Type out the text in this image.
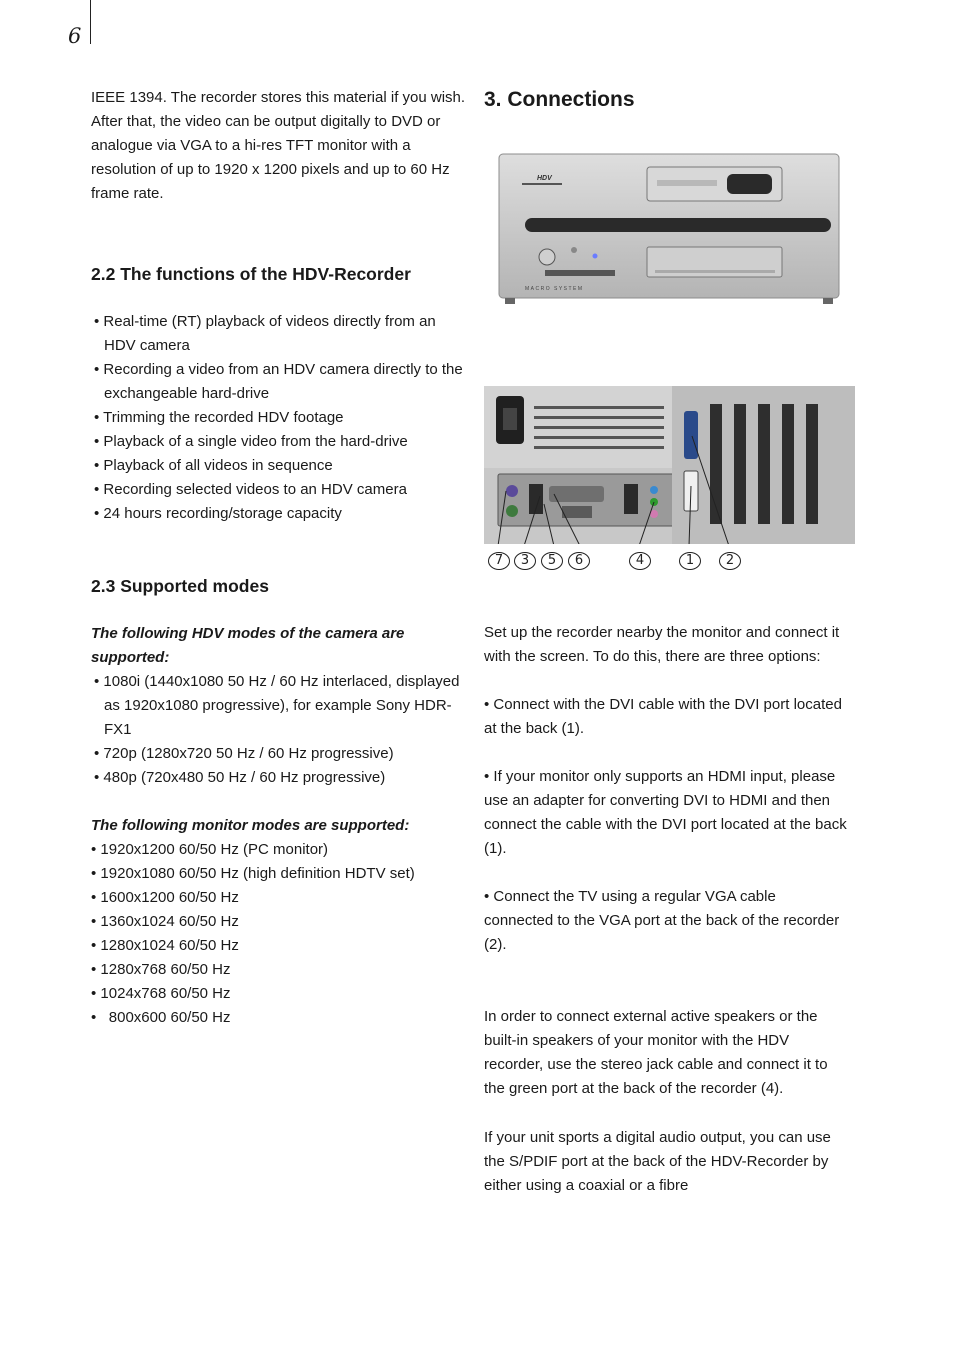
6

IEEE 1394. The recorder stores this material if you wish. After that, the video can be output digitally to DVD or analogue via VGA to a hi-res TFT monitor with a resolution of up to 1920 x 1200 pixels and up to 60 Hz frame rate.

2.2 The functions of the HDV-Recorder

• Real-time (RT) playback of videos directly from an HDV camera

• Recording a video from an HDV camera directly to the exchangeable hard-drive

• Trimming the recorded HDV footage

• Playback of a single video from the hard-drive

• Playback of all videos in sequence

• Recording selected videos to an HDV camera

• 24 hours recording/storage capacity

2.3 Supported modes

The following HDV modes of the camera are supported:

• 1080i (1440x1080 50 Hz / 60 Hz interlaced, displayed as 1920x1080 progressive), for example Sony HDR-FX1

• 720p (1280x720 50 Hz / 60 Hz progressive)

• 480p (720x480 50 Hz / 60 Hz progressive)

The following monitor modes are supported:

• 1920x1200 60/50 Hz (PC monitor)

• 1920x1080 60/50 Hz (high definition HDTV set)

• 1600x1200 60/50 Hz

• 1360x1024 60/50 Hz

• 1280x1024 60/50 Hz

• 1280x768 60/50 Hz

• 1024x768 60/50 Hz

•   800x600 60/50 Hz

3. Connections
HDV
MACRO SYSTEM
7	3	5	6	4	1	2

Set up the recorder nearby the monitor and connect it with the screen. To do this, there are three options:

• Connect with the DVI cable with the DVI port located at the back (1).

• If your monitor only supports an HDMI input, please use an adapter for converting DVI to HDMI and then connect the cable with the DVI port located at the back (1).

• Connect the TV using a regular VGA cable connected to the VGA port at the back of the recorder (2).

In order to connect external active speakers or the built-in speakers of your monitor with the HDV recorder, use the stereo jack cable and connect it to the green port at the back of the recorder (4).

If your unit sports a digital audio output, you can use the S/PDIF port at the back of the HDV-Recorder by either using a coaxial or a fibre
